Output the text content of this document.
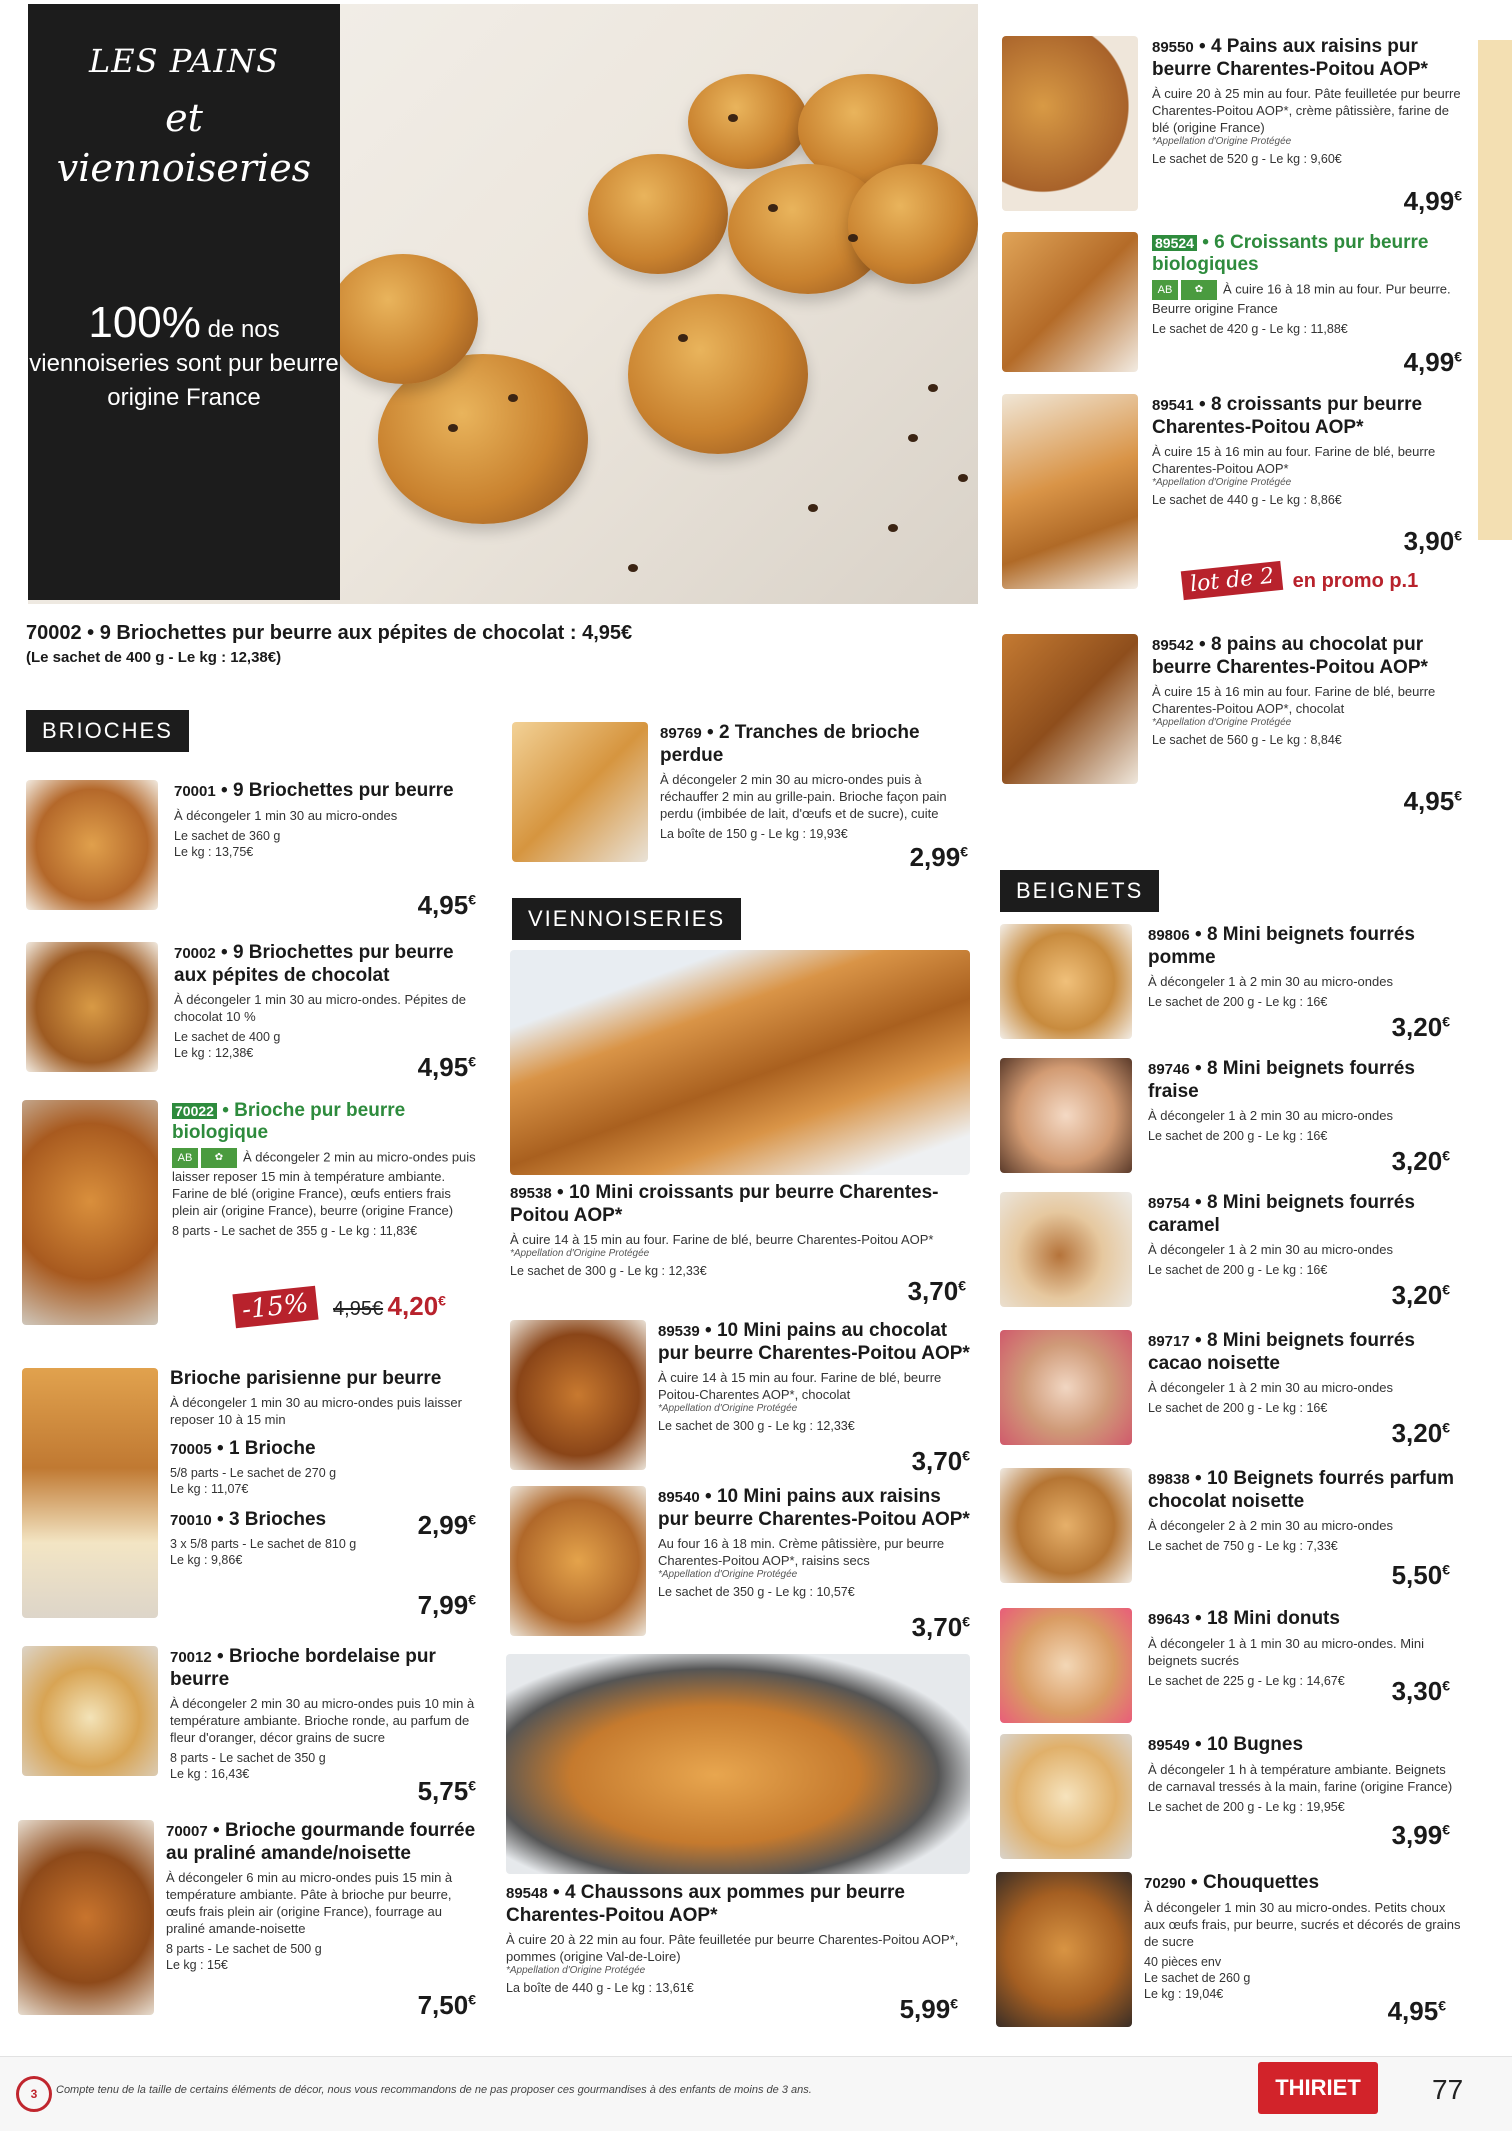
LES PAINS
et
viennoiseries
100% de nos viennoiseries sont pur beurre origine France
70002 • 9 Briochettes pur beurre aux pépites de chocolat : 4,95€
(Le sachet de 400 g - Le kg : 12,38€)
89550 • 4 Pains aux raisins pur beurre Charentes-Poitou AOP*
À cuire 20 à 25 min au four. Pâte feuilletée pur beurre Charentes-Poitou AOP*, crème pâtissière, farine de blé (origine France)
*Appellation d'Origine Protégée
Le sachet de 520 g - Le kg : 9,60€
4,99€
89524 • 6 Croissants pur beurre biologiques
AB ✿ À cuire 16 à 18 min au four. Pur beurre. Beurre origine France
Le sachet de 420 g - Le kg : 11,88€
4,99€
89541 • 8 croissants pur beurre Charentes-Poitou AOP*
À cuire 15 à 16 min au four. Farine de blé, beurre Charentes-Poitou AOP*
*Appellation d'Origine Protégée
Le sachet de 440 g - Le kg : 8,86€
3,90€
lot de 2 en promo p.1
89542 • 8 pains au chocolat pur beurre Charentes-Poitou AOP*
À cuire 15 à 16 min au four. Farine de blé, beurre Charentes-Poitou AOP*, chocolat
*Appellation d'Origine Protégée
Le sachet de 560 g - Le kg : 8,84€
4,95€
BRIOCHES
70001 • 9 Briochettes pur beurre
À décongeler 1 min 30 au micro-ondes
Le sachet de 360 g
Le kg : 13,75€
4,95€
70002 • 9 Briochettes pur beurre aux pépites de chocolat
À décongeler 1 min 30 au micro-ondes. Pépites de chocolat 10 %
Le sachet de 400 g
Le kg : 12,38€	4,95€
70022 • Brioche pur beurre biologique
AB ✿ À décongeler 2 min au micro-ondes puis laisser reposer 15 min à température ambiante. Farine de blé (origine France), œufs entiers frais plein air (origine France), beurre (origine France)
8 parts - Le sachet de 355 g - Le kg : 11,83€
-15% 4,95€ 4,20€
Brioche parisienne pur beurre
À décongeler 1 min 30 au micro-ondes puis laisser reposer 10 à 15 min
70005 • 1 Brioche
5/8 parts - Le sachet de 270 g
Le kg : 11,07€
70010 • 3 Brioches
3 x 5/8 parts - Le sachet de 810 g
Le kg : 9,86€
2,99€
7,99€
70012 • Brioche bordelaise pur beurre
À décongeler 2 min 30 au micro-ondes puis 10 min à température ambiante. Brioche ronde, au parfum de fleur d'oranger, décor grains de sucre
8 parts - Le sachet de 350 g
Le kg : 16,43€
5,75€
70007 • Brioche gourmande fourrée au praliné amande/noisette
À décongeler 6 min au micro-ondes puis 15 min à température ambiante. Pâte à brioche pur beurre, œufs frais plein air (origine France), fourrage au praliné amande-noisette
8 parts - Le sachet de 500 g
Le kg : 15€
7,50€
89769 • 2 Tranches de brioche perdue
À décongeler 2 min 30 au micro-ondes puis à réchauffer 2 min au grille-pain. Brioche façon pain perdu (imbibée de lait, d'œufs et de sucre), cuite
La boîte de 150 g - Le kg : 19,93€
2,99€
VIENNOISERIES
89538 • 10 Mini croissants pur beurre Charentes-Poitou AOP*
À cuire 14 à 15 min au four. Farine de blé, beurre Charentes-Poitou AOP*
*Appellation d'Origine Protégée
Le sachet de 300 g - Le kg : 12,33€
3,70€
89539 • 10 Mini pains au chocolat pur beurre Charentes-Poitou AOP*
À cuire 14 à 15 min au four. Farine de blé, beurre Poitou-Charentes AOP*, chocolat
*Appellation d'Origine Protégée
Le sachet de 300 g - Le kg : 12,33€
3,70€
89540 • 10 Mini pains aux raisins pur beurre Charentes-Poitou AOP*
Au four 16 à 18 min. Crème pâtissière, pur beurre Charentes-Poitou AOP*, raisins secs
*Appellation d'Origine Protégée
Le sachet de 350 g - Le kg : 10,57€
3,70€
89548 • 4 Chaussons aux pommes pur beurre Charentes-Poitou AOP*
À cuire 20 à 22 min au four. Pâte feuilletée pur beurre Charentes-Poitou AOP*, pommes (origine Val-de-Loire)
*Appellation d'Origine Protégée
La boîte de 440 g - Le kg : 13,61€
5,99€
BEIGNETS
89806 • 8 Mini beignets fourrés pomme
À décongeler 1 à 2 min 30 au micro-ondes
Le sachet de 200 g - Le kg : 16€
3,20€
89746 • 8 Mini beignets fourrés fraise
À décongeler 1 à 2 min 30 au micro-ondes
Le sachet de 200 g - Le kg : 16€
3,20€
89754 • 8 Mini beignets fourrés caramel
À décongeler 1 à 2 min 30 au micro-ondes
Le sachet de 200 g - Le kg : 16€
3,20€
89717 • 8 Mini beignets fourrés cacao noisette
À décongeler 1 à 2 min 30 au micro-ondes
Le sachet de 200 g - Le kg : 16€
3,20€
89838 • 10 Beignets fourrés parfum chocolat noisette
À décongeler 2 à 2 min 30 au micro-ondes
Le sachet de 750 g - Le kg : 7,33€
5,50€
89643 • 18 Mini donuts
À décongeler 1 à 1 min 30 au micro-ondes. Mini beignets sucrés
Le sachet de 225 g - Le kg : 14,67€	3,30€
89549 • 10 Bugnes
À décongeler 1 h à température ambiante. Beignets de carnaval tressés à la main, farine (origine France)
Le sachet de 200 g - Le kg : 19,95€
3,99€
70290 • Chouquettes
À décongeler 1 min 30 au micro-ondes. Petits choux aux œufs frais, pur beurre, sucrés et décorés de grains de sucre
40 pièces env
Le sachet de 260 g
Le kg : 19,04€
4,95€
3	Compte tenu de la taille de certains éléments de décor, nous vous recommandons de ne pas proposer ces gourmandises à des enfants de moins de 3 ans.	THIRIET	77
